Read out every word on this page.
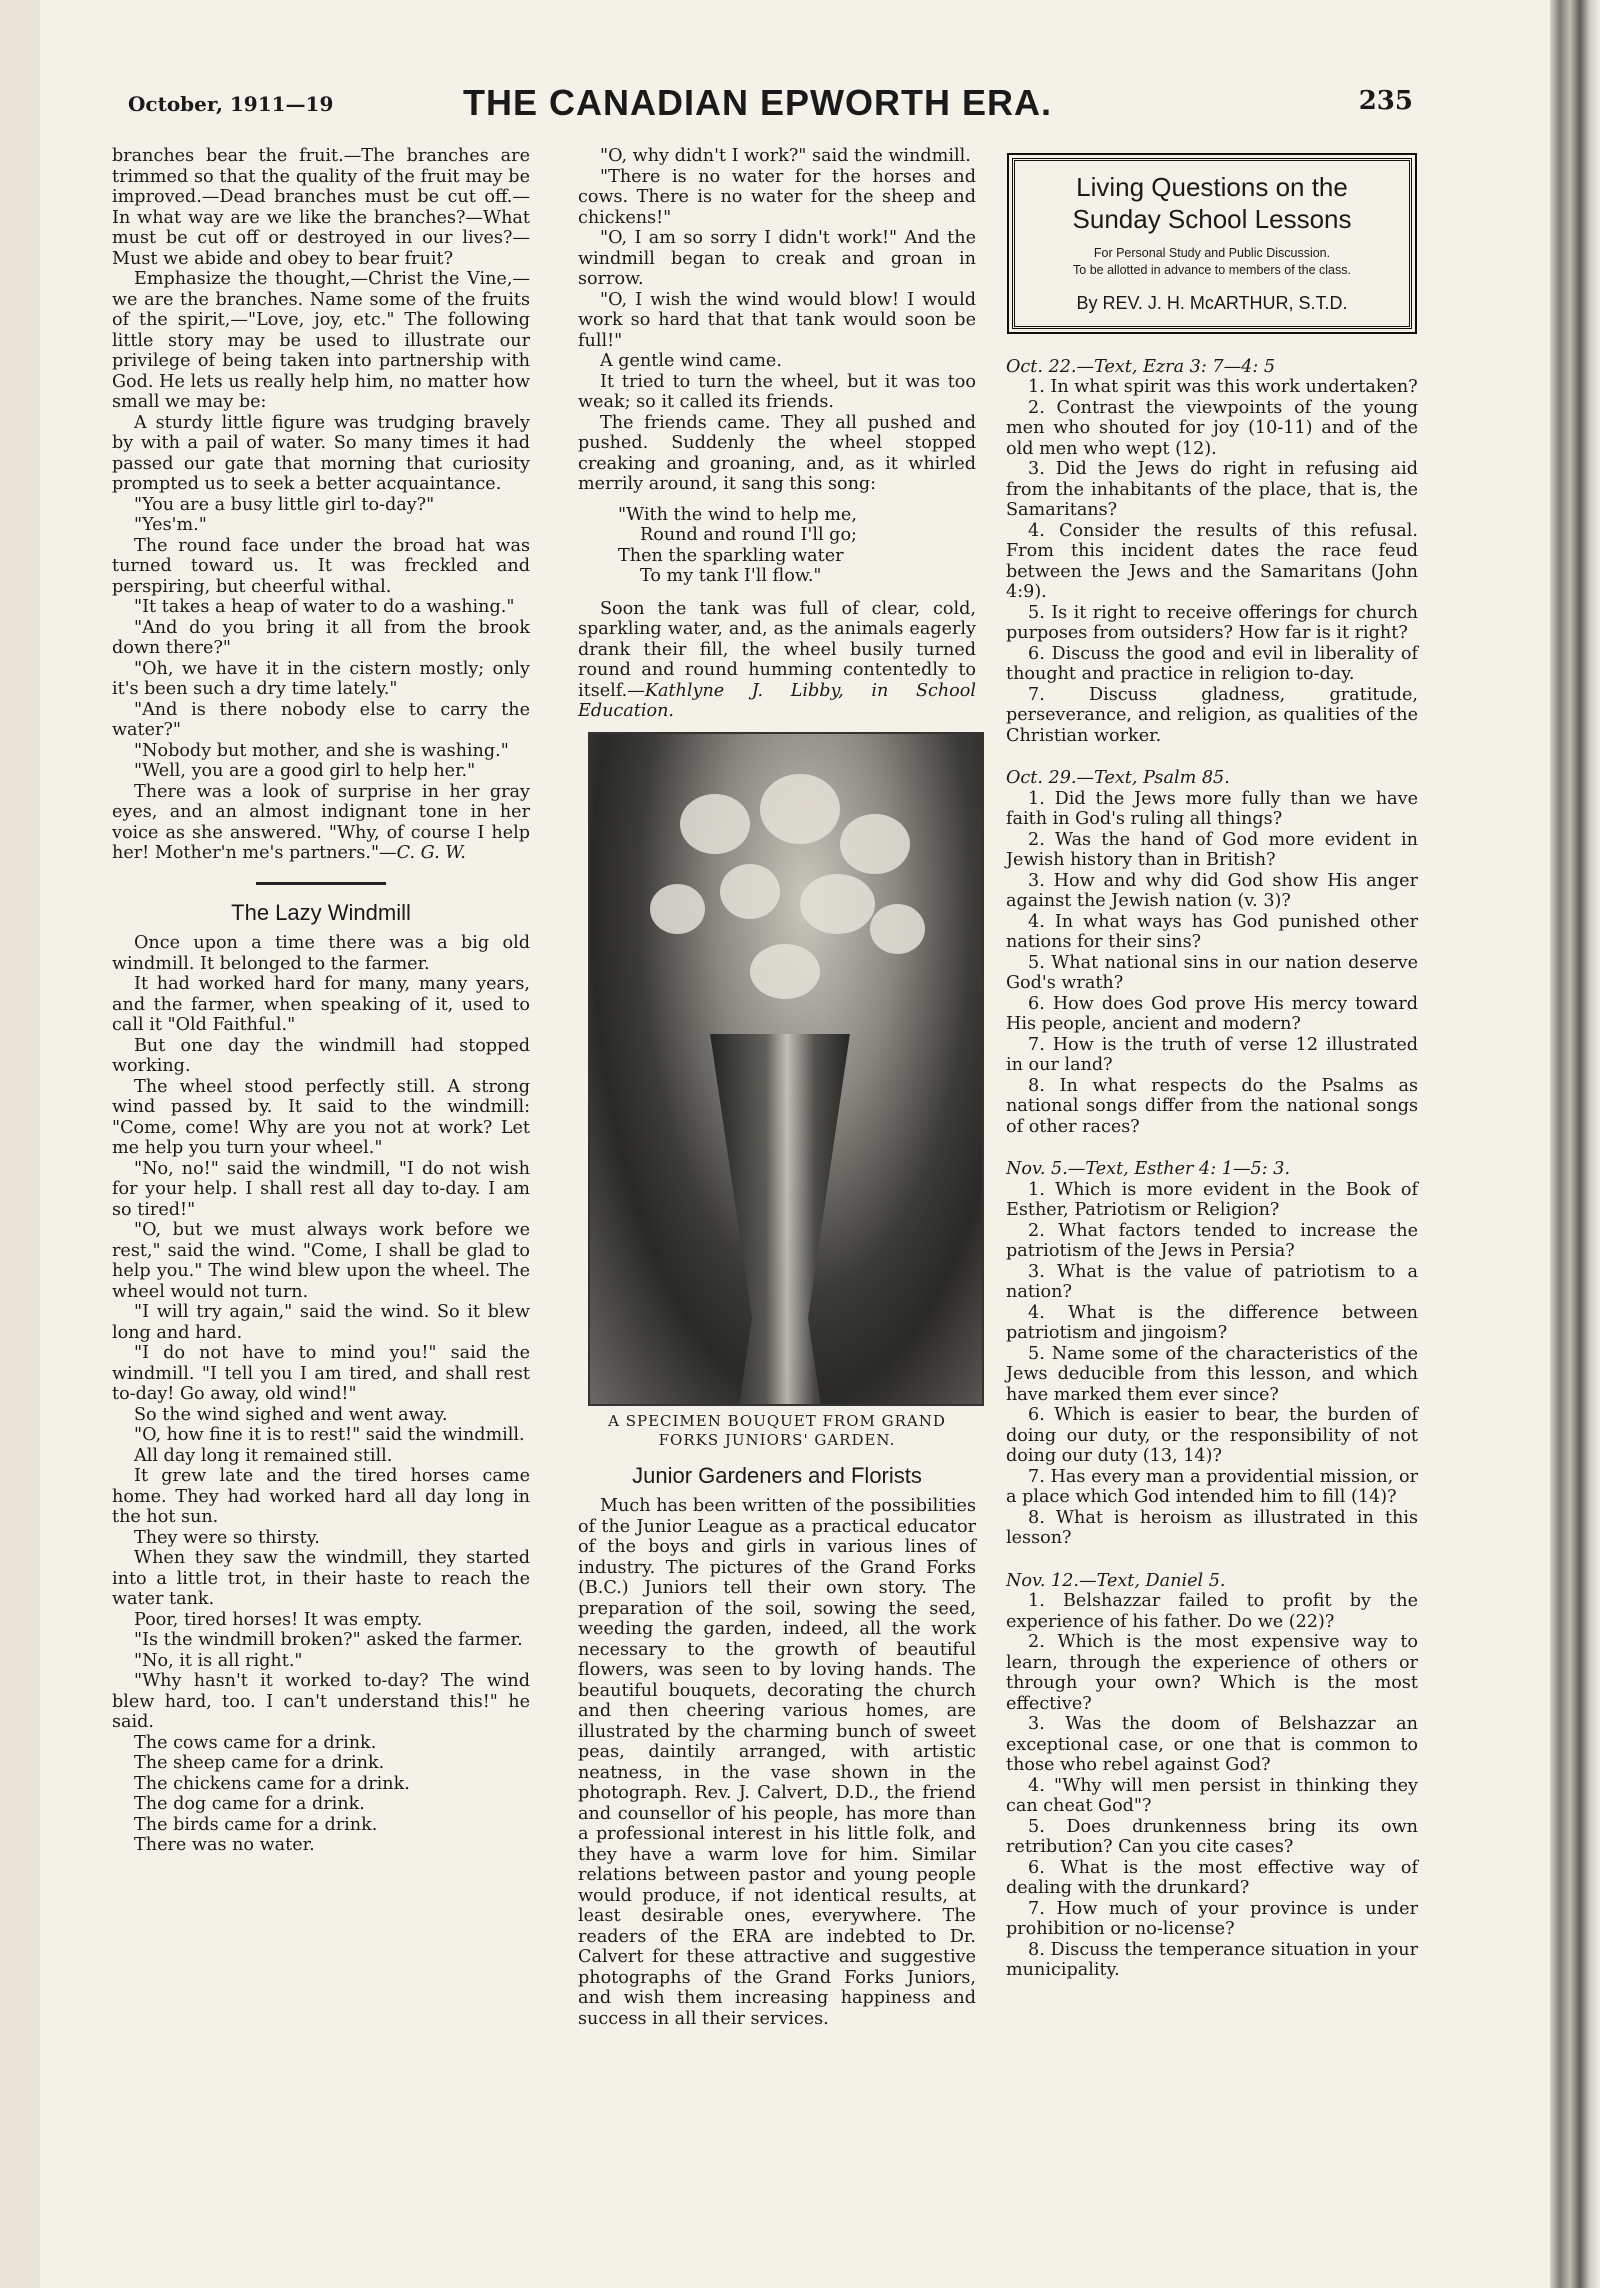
October, 1911—19	THE CANADIAN EPWORTH ERA.	235

branches bear the fruit.—The branches are trimmed so that the quality of the fruit may be improved.—Dead branches must be cut off.—In what way are we like the branches?—What must be cut off or destroyed in our lives?—Must we abide and obey to bear fruit?

Emphasize the thought,—Christ the Vine,—we are the branches. Name some of the fruits of the spirit,—"Love, joy, etc." The following little story may be used to illustrate our privilege of being taken into partnership with God. He lets us really help him, no matter how small we may be:

A sturdy little figure was trudging bravely by with a pail of water. So many times it had passed our gate that morning that curiosity prompted us to seek a better acquaintance.

"You are a busy little girl to-day?"

"Yes'm."

The round face under the broad hat was turned toward us. It was freckled and perspiring, but cheerful withal.

"It takes a heap of water to do a washing."

"And do you bring it all from the brook down there?"

"Oh, we have it in the cistern mostly; only it's been such a dry time lately."

"And is there nobody else to carry the water?"

"Nobody but mother, and she is washing."

"Well, you are a good girl to help her."

There was a look of surprise in her gray eyes, and an almost indignant tone in her voice as she answered. "Why, of course I help her! Mother'n me's partners."—C. G. W.

The Lazy Windmill

Once upon a time there was a big old windmill. It belonged to the farmer.

It had worked hard for many, many years, and the farmer, when speaking of it, used to call it "Old Faithful."

But one day the windmill had stopped working.

The wheel stood perfectly still. A strong wind passed by. It said to the windmill: "Come, come! Why are you not at work? Let me help you turn your wheel."

"No, no!" said the windmill, "I do not wish for your help. I shall rest all day to-day. I am so tired!"

"O, but we must always work before we rest," said the wind. "Come, I shall be glad to help you." The wind blew upon the wheel. The wheel would not turn.

"I will try again," said the wind. So it blew long and hard.

"I do not have to mind you!" said the windmill. "I tell you I am tired, and shall rest to-day! Go away, old wind!"

So the wind sighed and went away.

"O, how fine it is to rest!" said the windmill.

All day long it remained still.

It grew late and the tired horses came home. They had worked hard all day long in the hot sun.

They were so thirsty.

When they saw the windmill, they started into a little trot, in their haste to reach the water tank.

Poor, tired horses! It was empty.

"Is the windmill broken?" asked the farmer.

"No, it is all right."

"Why hasn't it worked to-day? The wind blew hard, too. I can't understand this!" he said.

The cows came for a drink.

The sheep came for a drink.

The chickens came for a drink.

The dog came for a drink.

The birds came for a drink.

There was no water.

"O, why didn't I work?" said the windmill.

"There is no water for the horses and cows. There is no water for the sheep and chickens!"

"O, I am so sorry I didn't work!" And the windmill began to creak and groan in sorrow.

"O, I wish the wind would blow! I would work so hard that that tank would soon be full!"

A gentle wind came.

It tried to turn the wheel, but it was too weak; so it called its friends.

The friends came. They all pushed and pushed. Suddenly the wheel stopped creaking and groaning, and, as it whirled merrily around, it sang this song:

"With the wind to help me,
Round and round I'll go;
Then the sparkling water
To my tank I'll flow."

Soon the tank was full of clear, cold, sparkling water, and, as the animals eagerly drank their fill, the wheel busily turned round and round humming contentedly to itself.—Kathlyne J. Libby, in School Education.

A SPECIMEN BOUQUET FROM GRAND FORKS JUNIORS' GARDEN.
Junior Gardeners and Florists

Much has been written of the possibilities of the Junior League as a practical educator of the boys and girls in various lines of industry. The pictures of the Grand Forks (B.C.) Juniors tell their own story. The preparation of the soil, sowing the seed, weeding the garden, indeed, all the work necessary to the growth of beautiful flowers, was seen to by loving hands. The beautiful bouquets, decorating the church and then cheering various homes, are illustrated by the charming bunch of sweet peas, daintily arranged, with artistic neatness, in the vase shown in the photograph. Rev. J. Calvert, D.D., the friend and counsellor of his people, has more than a professional interest in his little folk, and they have a warm love for him. Similar relations between pastor and young people would produce, if not identical results, at least desirable ones, everywhere. The readers of the ERA are indebted to Dr. Calvert for these attractive and suggestive photographs of the Grand Forks Juniors, and wish them increasing happiness and success in all their services.

Living Questions on the
Sunday School Lessons
For Personal Study and Public Discussion.
To be allotted in advance to members of the class.
By REV. J. H. McARTHUR, S.T.D.

Oct. 22.—Text, Ezra 3: 7—4: 5

1. In what spirit was this work undertaken?

2. Contrast the viewpoints of the young men who shouted for joy (10-11) and of the old men who wept (12).

3. Did the Jews do right in refusing aid from the inhabitants of the place, that is, the Samaritans?

4. Consider the results of this refusal. From this incident dates the race feud between the Jews and the Samaritans (John 4:9).

5. Is it right to receive offerings for church purposes from outsiders? How far is it right?

6. Discuss the good and evil in liberality of thought and practice in religion to-day.

7. Discuss gladness, gratitude, perseverance, and religion, as qualities of the Christian worker.

Oct. 29.—Text, Psalm 85.

1. Did the Jews more fully than we have faith in God's ruling all things?

2. Was the hand of God more evident in Jewish history than in British?

3. How and why did God show His anger against the Jewish nation (v. 3)?

4. In what ways has God punished other nations for their sins?

5. What national sins in our nation deserve God's wrath?

6. How does God prove His mercy toward His people, ancient and modern?

7. How is the truth of verse 12 illustrated in our land?

8. In what respects do the Psalms as national songs differ from the national songs of other races?

Nov. 5.—Text, Esther 4: 1—5: 3.

1. Which is more evident in the Book of Esther, Patriotism or Religion?

2. What factors tended to increase the patriotism of the Jews in Persia?

3. What is the value of patriotism to a nation?

4. What is the difference between patriotism and jingoism?

5. Name some of the characteristics of the Jews deducible from this lesson, and which have marked them ever since?

6. Which is easier to bear, the burden of doing our duty, or the responsibility of not doing our duty (13, 14)?

7. Has every man a providential mission, or a place which God intended him to fill (14)?

8. What is heroism as illustrated in this lesson?

Nov. 12.—Text, Daniel 5.

1. Belshazzar failed to profit by the experience of his father. Do we (22)?

2. Which is the most expensive way to learn, through the experience of others or through your own? Which is the most effective?

3. Was the doom of Belshazzar an exceptional case, or one that is common to those who rebel against God?

4. "Why will men persist in thinking they can cheat God"?

5. Does drunkenness bring its own retribution? Can you cite cases?

6. What is the most effective way of dealing with the drunkard?

7. How much of your province is under prohibition or no-license?

8. Discuss the temperance situation in your municipality.
